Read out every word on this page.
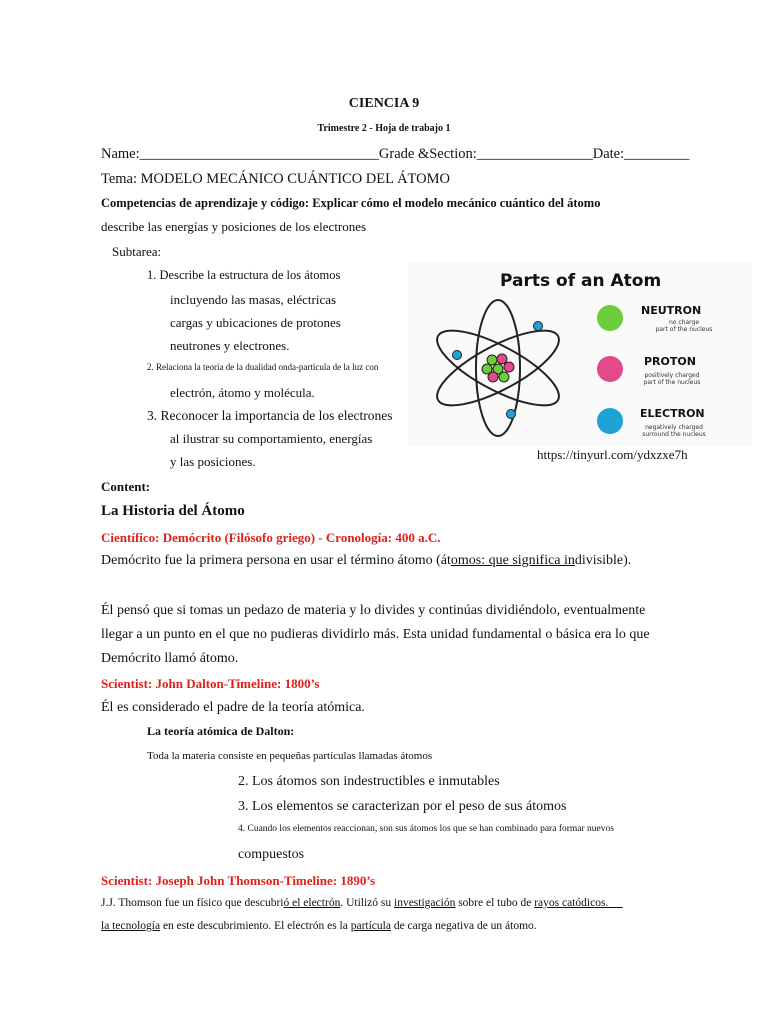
CIENCIA 9
Trimestre 2 - Hoja de trabajo 1
Name:_________________________________Grade &Section:________________Date:_________
Tema: MODELO MECÁNICO CUÁNTICO DEL ÁTOMO
Competencias de aprendizaje y código: Explicar cómo el modelo mecánico cuántico del átomo
describe las energías y posiciones de los electrones
Subtarea:
1. Describe la estructura de los átomos
incluyendo las masas, eléctricas
cargas y ubicaciones de protones
neutrones y electrones.
2. Relaciona la teoría de la dualidad onda-partícula de la luz con
electrón, átomo y molécula.
3. Reconocer la importancia de los electrones
al ilustrar su comportamiento, energías
y las posiciones.
Parts of an Atom
NEUTRON
no charge
part of the nucleus
PROTON
positively charged
part of the nucleus
ELECTRON
negatively charged
surround the nucleus
https://tinyurl.com/ydxzxe7h
Content:
La Historia del Átomo
Científico: Demócrito (Filósofo griego) - Cronología: 400 a.C.
Demócrito fue la primera persona en usar el término átomo (átomos: que significa indivisible).
Él pensó que si tomas un pedazo de materia y lo divides y continúas dividiéndolo, eventualmente
llegar a un punto en el que no pudieras dividirlo más. Esta unidad fundamental o básica era lo que
Demócrito llamó átomo.
Scientist: John Dalton-Timeline: 1800’s
Él es considerado el padre de la teoría atómica.
La teoría atómica de Dalton:
Toda la materia consiste en pequeñas partículas llamadas átomos
2. Los átomos son indestructibles e inmutables
3. Los elementos se caracterizan por el peso de sus átomos
4. Cuando los elementos reaccionan, son sus átomos los que se han combinado para formar nuevos
compuestos
Scientist: Joseph John Thomson-Timeline: 1890’s
J.J. Thomson fue un físico que descubrió el electrón. Utilizó su investigación sobre el tubo de rayos catódicos.
la tecnología en este descubrimiento. El electrón es la partícula de carga negativa de un átomo.
